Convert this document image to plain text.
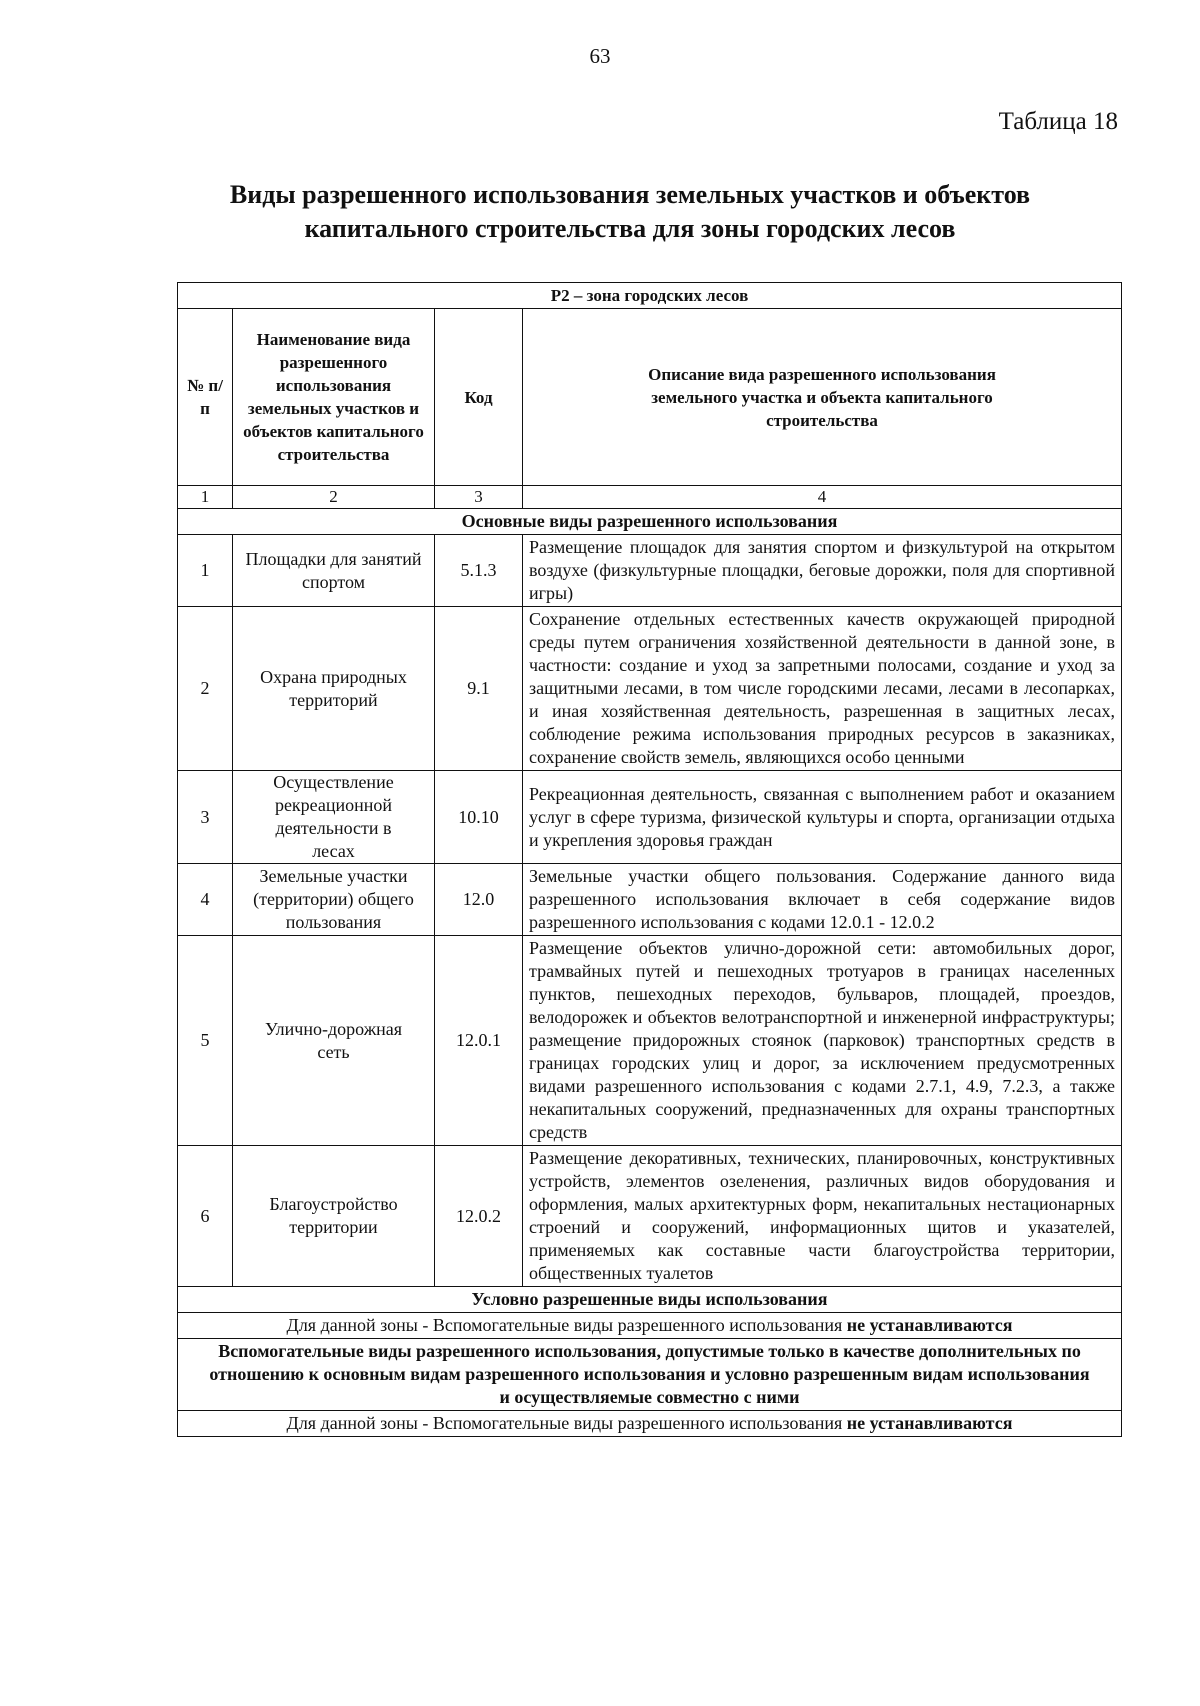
63
Таблица 18
Виды разрешенного использования земельных участков и объектов
капитального строительства для зоны городских лесов
Р2 – зона городских лесов			
№ п/п	Наименование вида разрешенного использования земельных участков и объектов капитального строительства	Код	Описание вида разрешенного использования земельного участка и объекта капитального строительства
1	2	3	4
Основные виды разрешенного использования			
1	Площадки для занятий спортом	5.1.3	Размещение площадок для занятия спортом и физкультурой на открытом воздухе (физкультурные площадки, беговые дорожки, поля для спортивной игры)
2	Охрана природных территорий	9.1	Сохранение отдельных естественных качеств окружающей природной среды путем ограничения хозяйственной деятельности в данной зоне, в частности: создание и уход за запретными полосами, создание и уход за защитными лесами, в том числе городскими лесами, лесами в лесопарках, и иная хозяйственная деятельность, разрешенная в защитных лесах, соблюдение режима использования природных ресурсов в заказниках, сохранение свойств земель, являющихся особо ценными
3	Осуществление рекреационной деятельности в лесах	10.10	Рекреационная деятельность, связанная с выполнением работ и оказанием услуг в сфере туризма, физической культуры и спорта, организации отдыха и укрепления здоровья граждан
4	Земельные участки (территории) общего пользования	12.0	Земельные участки общего пользования. Содержание данного вида разрешенного использования включает в себя содержание видов разрешенного использования с кодами 12.0.1 - 12.0.2
5	Улично-дорожная сеть	12.0.1	Размещение объектов улично-дорожной сети: автомобильных дорог, трамвайных путей и пешеходных тротуаров в границах населенных пунктов, пешеходных переходов, бульваров, площадей, проездов, велодорожек и объектов велотранспортной и инженерной инфраструктуры; размещение придорожных стоянок (парковок) транспортных средств в границах городских улиц и дорог, за исключением предусмотренных видами разрешенного использования с кодами 2.7.1, 4.9, 7.2.3, а также некапитальных сооружений, предназначенных для охраны транспортных средств
6	Благоустройство территории	12.0.2	Размещение декоративных, технических, планировочных, конструктивных устройств, элементов озеленения, различных видов оборудования и оформления, малых архитектурных форм, некапитальных нестационарных строений и сооружений, информационных щитов и указателей, применяемых как составные части благоустройства территории, общественных туалетов
Условно разрешенные виды использования			
Для данной зоны - Вспомогательные виды разрешенного использования не устанавливаются			
Вспомогательные виды разрешенного использования, допустимые только в качестве дополнительных по отношению к основным видам разрешенного использования и условно разрешенным видам использования и осуществляемые совместно с ними			
Для данной зоны - Вспомогательные виды разрешенного использования не устанавливаются			
